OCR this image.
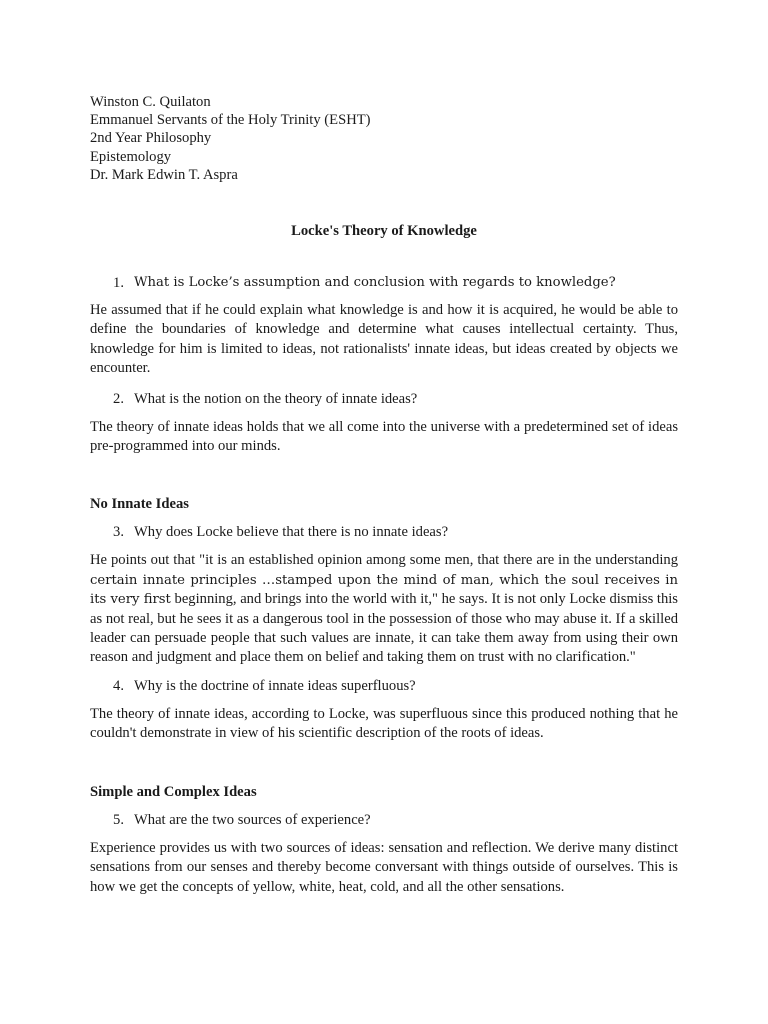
Winston C. Quilaton

Emmanuel Servants of the Holy Trinity (ESHT)

2nd Year Philosophy

Epistemology

Dr. Mark Edwin T. Aspra

Locke's Theory of Knowledge
1. What is Locke’s assumption and conclusion with regards to knowledge?

He assumed that if he could explain what knowledge is and how it is acquired, he would be able to define the boundaries of knowledge and determine what causes intellectual certainty. Thus, knowledge for him is limited to ideas, not rationalists' innate ideas, but ideas created by objects we encounter.

2. What is the notion on the theory of innate ideas?

The theory of innate ideas holds that we all come into the universe with a predetermined set of ideas pre-programmed into our minds.

No Innate Ideas
3. Why does Locke believe that there is no innate ideas?

He points out that "it is an established opinion among some men, that there are in the understanding certain innate principles …stamped upon the mind of man, which the soul receives in its very first beginning, and brings into the world with it," he says. It is not only Locke dismiss this as not real, but he sees it as a dangerous tool in the possession of those who may abuse it. If a skilled leader can persuade people that such values are innate, it can take them away from using their own reason and judgment and place them on belief and taking them on trust with no clarification."

4. Why is the doctrine of innate ideas superfluous?

The theory of innate ideas, according to Locke, was superfluous since this produced nothing that he couldn't demonstrate in view of his scientific description of the roots of ideas.

Simple and Complex Ideas
5. What are the two sources of experience?

Experience provides us with two sources of ideas: sensation and reflection. We derive many distinct sensations from our senses and thereby become conversant with things outside of ourselves. This is how we get the concepts of yellow, white, heat, cold, and all the other sensations.
